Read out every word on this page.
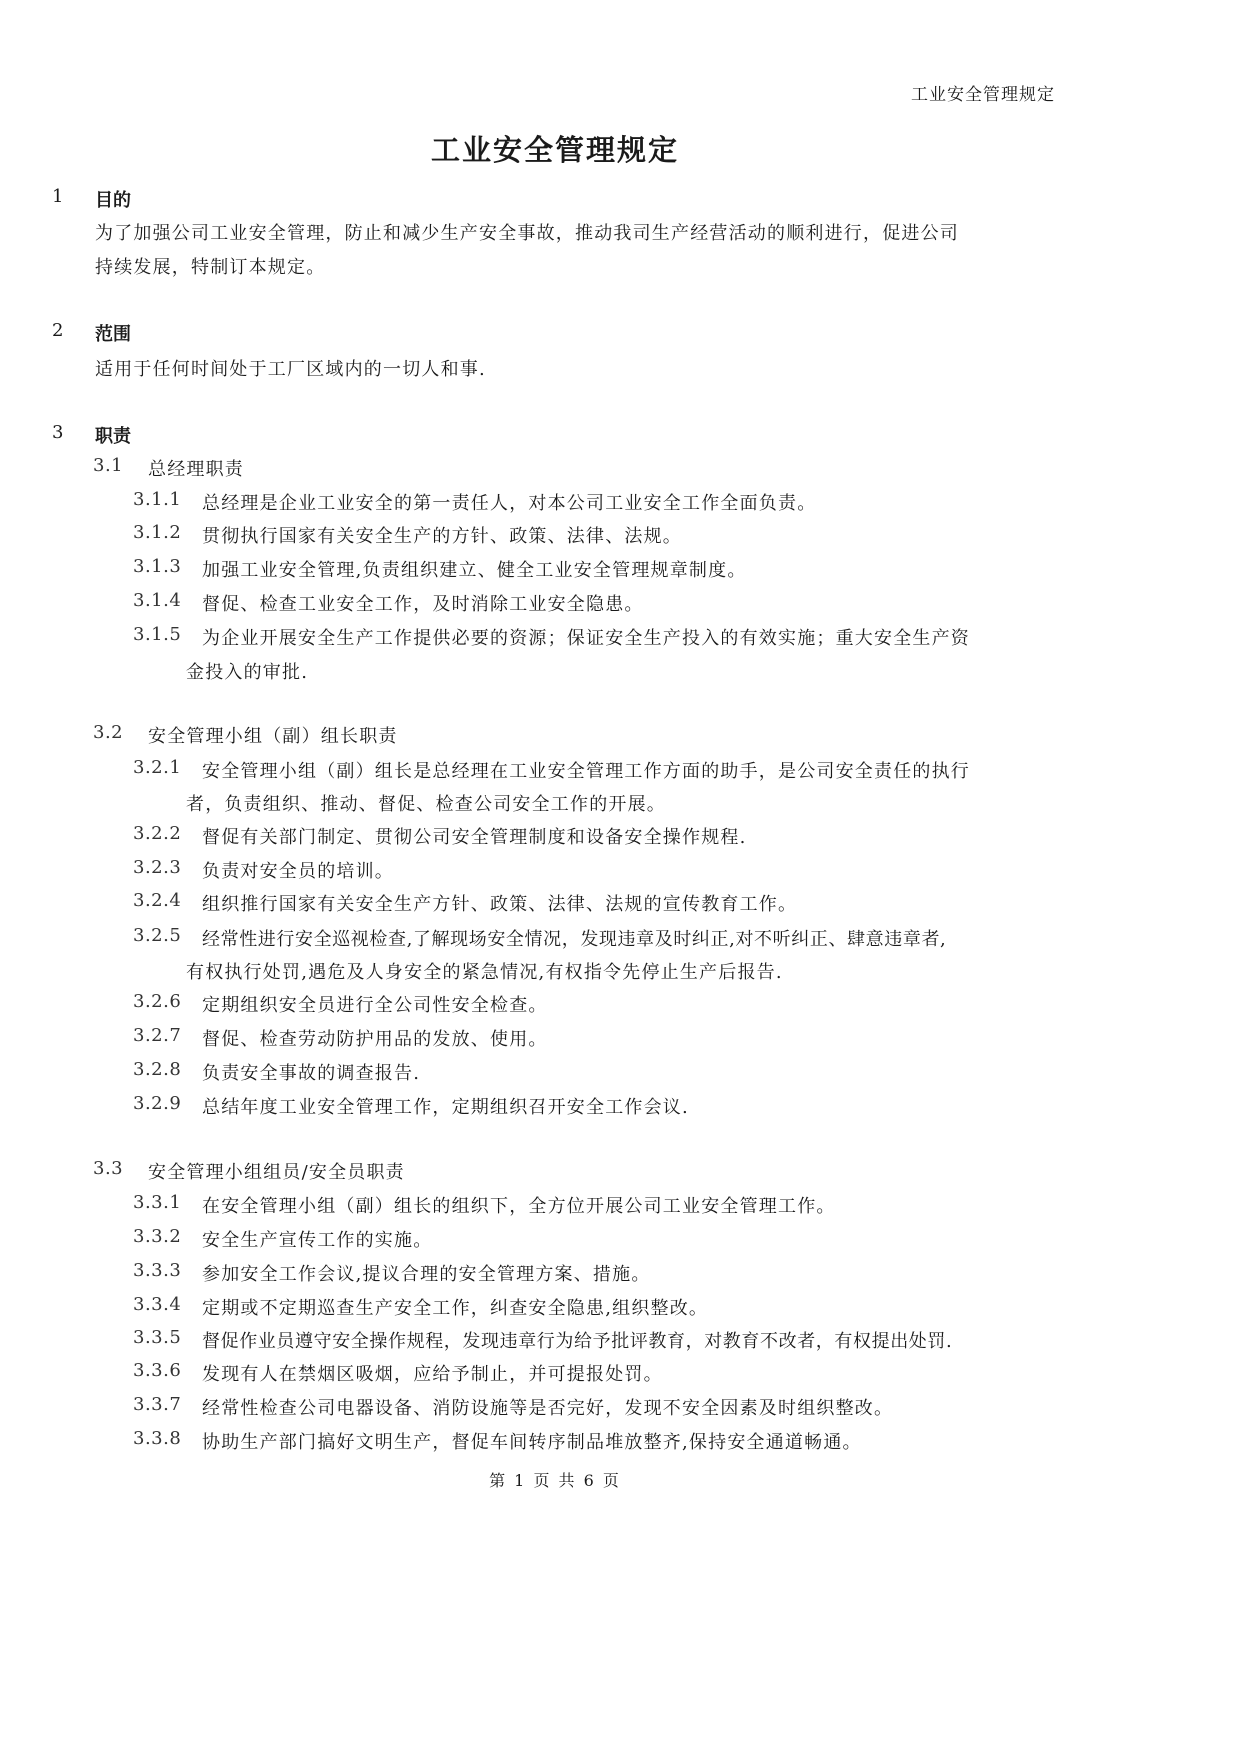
工业安全管理规定
工业安全管理规定
1 目的
为了加强公司工业安全管理，防止和减少生产安全事故，推动我司生产经营活动的顺利进行，促进公司
持续发展，特制订本规定。
2 范围
适用于任何时间处于工厂区域内的一切人和事.
3 职责
3.1 总经理职责
3.1.1 总经理是企业工业安全的第一责任人，对本公司工业安全工作全面负责。
3.1.2 贯彻执行国家有关安全生产的方针、政策、法律、法规。
3.1.3 加强工业安全管理,负责组织建立、健全工业安全管理规章制度。
3.1.4 督促、检查工业安全工作，及时消除工业安全隐患。
3.1.5 为企业开展安全生产工作提供必要的资源；保证安全生产投入的有效实施；重大安全生产资
金投入的审批.
3.2 安全管理小组（副）组长职责
3.2.1 安全管理小组（副）组长是总经理在工业安全管理工作方面的助手，是公司安全责任的执行
者，负责组织、推动、督促、检查公司安全工作的开展。
3.2.2 督促有关部门制定、贯彻公司安全管理制度和设备安全操作规程.
3.2.3 负责对安全员的培训。
3.2.4 组织推行国家有关安全生产方针、政策、法律、法规的宣传教育工作。
3.2.5 经常性进行安全巡视检查,了解现场安全情况，发现违章及时纠正,对不听纠正、肆意违章者,
有权执行处罚,遇危及人身安全的紧急情况,有权指令先停止生产后报告.
3.2.6 定期组织安全员进行全公司性安全检查。
3.2.7 督促、检查劳动防护用品的发放、使用。
3.2.8 负责安全事故的调查报告.
3.2.9 总结年度工业安全管理工作，定期组织召开安全工作会议.
3.3 安全管理小组组员/安全员职责
3.3.1 在安全管理小组（副）组长的组织下，全方位开展公司工业安全管理工作。
3.3.2 安全生产宣传工作的实施。
3.3.3 参加安全工作会议,提议合理的安全管理方案、措施。
3.3.4 定期或不定期巡查生产安全工作，纠查安全隐患,组织整改。
3.3.5 督促作业员遵守安全操作规程，发现违章行为给予批评教育，对教育不改者，有权提出处罚.
3.3.6 发现有人在禁烟区吸烟，应给予制止，并可提报处罚。
3.3.7 经常性检查公司电器设备、消防设施等是否完好，发现不安全因素及时组织整改。
3.3.8 协助生产部门搞好文明生产，督促车间转序制品堆放整齐,保持安全通道畅通。
第 1 页 共 6 页
